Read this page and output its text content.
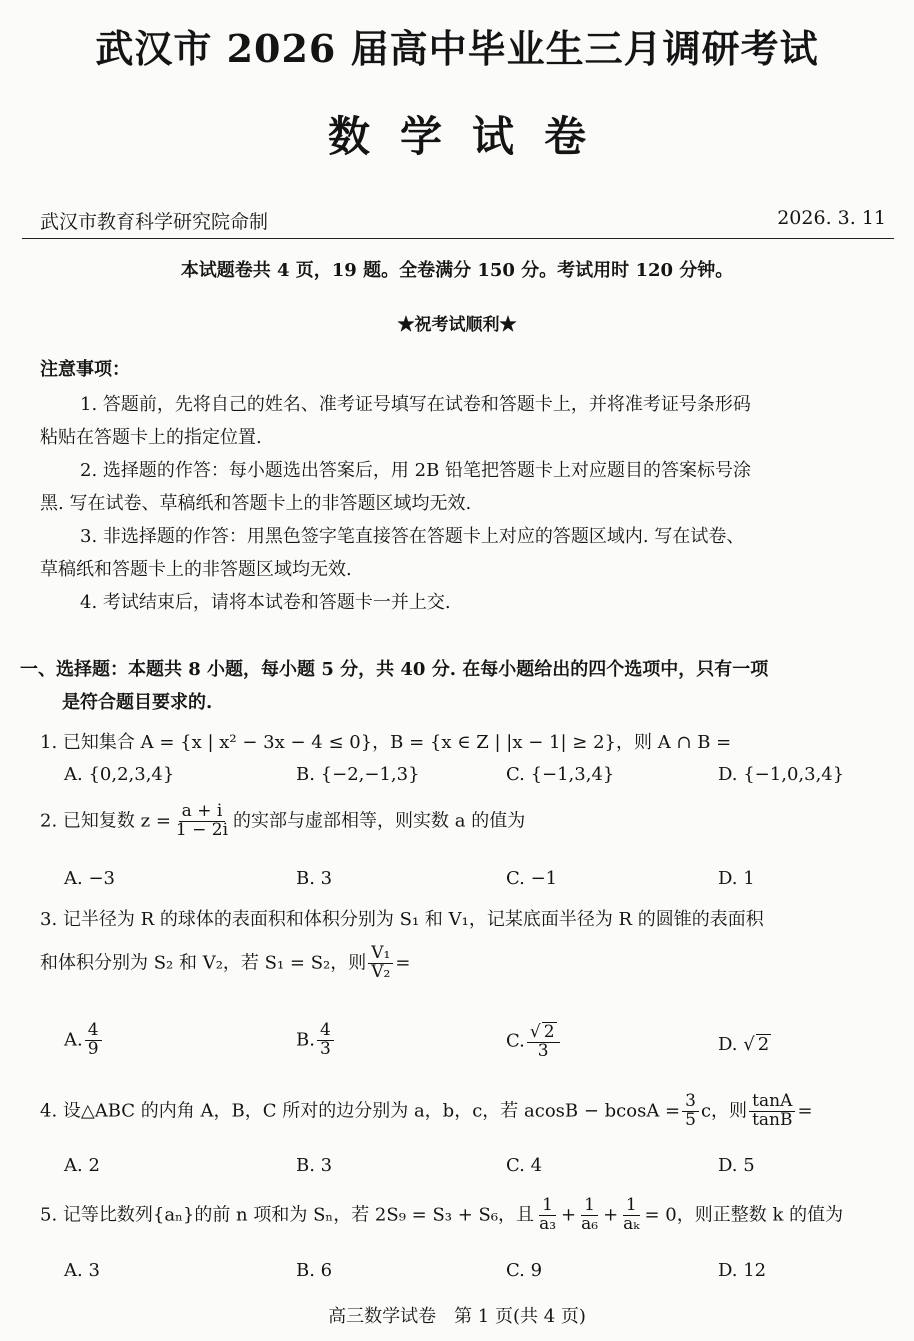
武汉市 2026 届高中毕业生三月调研考试
数学试卷
武汉市教育科学研究院命制	2026. 3. 11
本试题卷共 4 页，19 题。全卷满分 150 分。考试用时 120 分钟。
★祝考试顺利★
注意事项：
1. 答题前，先将自己的姓名、准考证号填写在试卷和答题卡上，并将准考证号条形码
粘贴在答题卡上的指定位置.
2. 选择题的作答：每小题选出答案后，用 2B 铅笔把答题卡上对应题目的答案标号涂
黑. 写在试卷、草稿纸和答题卡上的非答题区域均无效.
3. 非选择题的作答：用黑色签字笔直接答在答题卡上对应的答题区域内. 写在试卷、
草稿纸和答题卡上的非答题区域均无效.
4. 考试结束后，请将本试卷和答题卡一并上交.
一、选择题：本题共 8 小题，每小题 5 分，共 40 分. 在每小题给出的四个选项中，只有一项
是符合题目要求的.
1. 已知集合 A = {x | x² − 3x − 4 ≤ 0}，B = {x ∈ Z | |x − 1| ≥ 2}，则 A ∩ B =
A. {0,2,3,4}	B. {−2,−1,3}	C. {−1,3,4}	D. {−1,0,3,4}
2. 已知复数 $z = \frac{a + i}{1 - 2i}$ 的实部与虚部相等，则实数 a 的值为
A. −3	B. 3	C. −1	D. 1
3. 记半径为 R 的球体的表面积和体积分别为 S₁ 和 V₁，记某底面半径为 R 的圆锥的表面积
和体积分别为 S₂ 和 V₂，若 S₁ = S₂，则 $\frac{\text{V₁}}{\text{V₂}}$ =
A. $\frac{4}{9}$	B. $\frac{4}{3}$	C. $\frac{√ 2}{3}$	D. √ 2
4. 设△ABC 的内角 A，B，C 所对的边分别为 a，b，c，若 $acosB - bcosA = \frac{3}{5}$ c，则 $\frac{\tan A}{\tan B}$ =
A. 2	B. 3	C. 4	D. 5
5. 记等比数列{aₙ}的前 n 项和为 Sₙ，若 2S₉ = S₃ + S₆，且 $\frac{1}{\text{a₃}} + \frac{1}{\text{a₆}} + \frac{1}{\text{aₖ}} = 0$，则正整数 k 的值为
A. 3	B. 6	C. 9	D. 12
高三数学试卷　第 1 页(共 4 页)
